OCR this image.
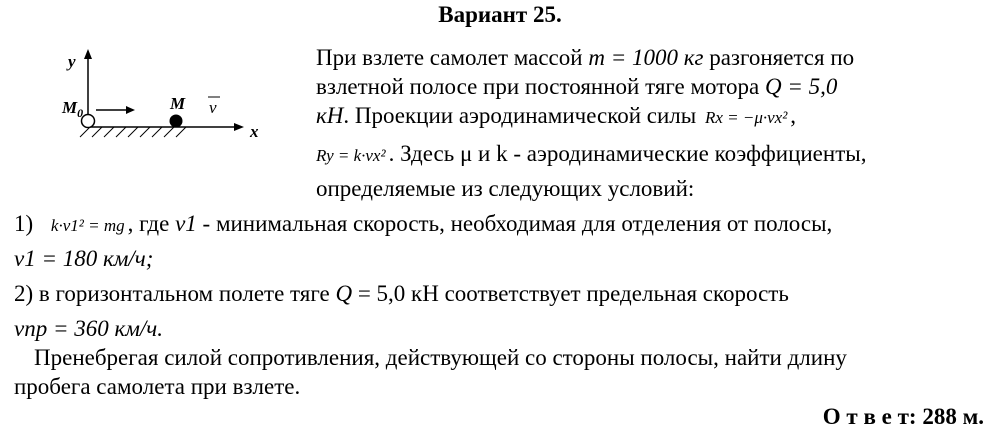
Вариант 25.
y
x
$M_0$	M v
При взлете самолет массой m = 1000 кг разгоняется по
взлетной полосе при постоянной тяге мотора Q = 5,0
кН. Проекции аэродинамической силы Rx = −μ·vx² ,
Ry = k·vx² . Здесь μ и k - аэродинамические коэффициенты,
определяемые из следующих условий:
1) k·v1² = mg , где v1 - минимальная скорость, необходимая для отделения от полосы,
v1 = 180 км/ч;
2) в горизонтальном полете тяге Q = 5,0 кН соответствует предельная скорость
vпр = 360 км/ч.
Пренебрегая силой сопротивления, действующей со стороны полосы, найти длину
пробега самолета при взлете.
О т в е т: 288 м.
